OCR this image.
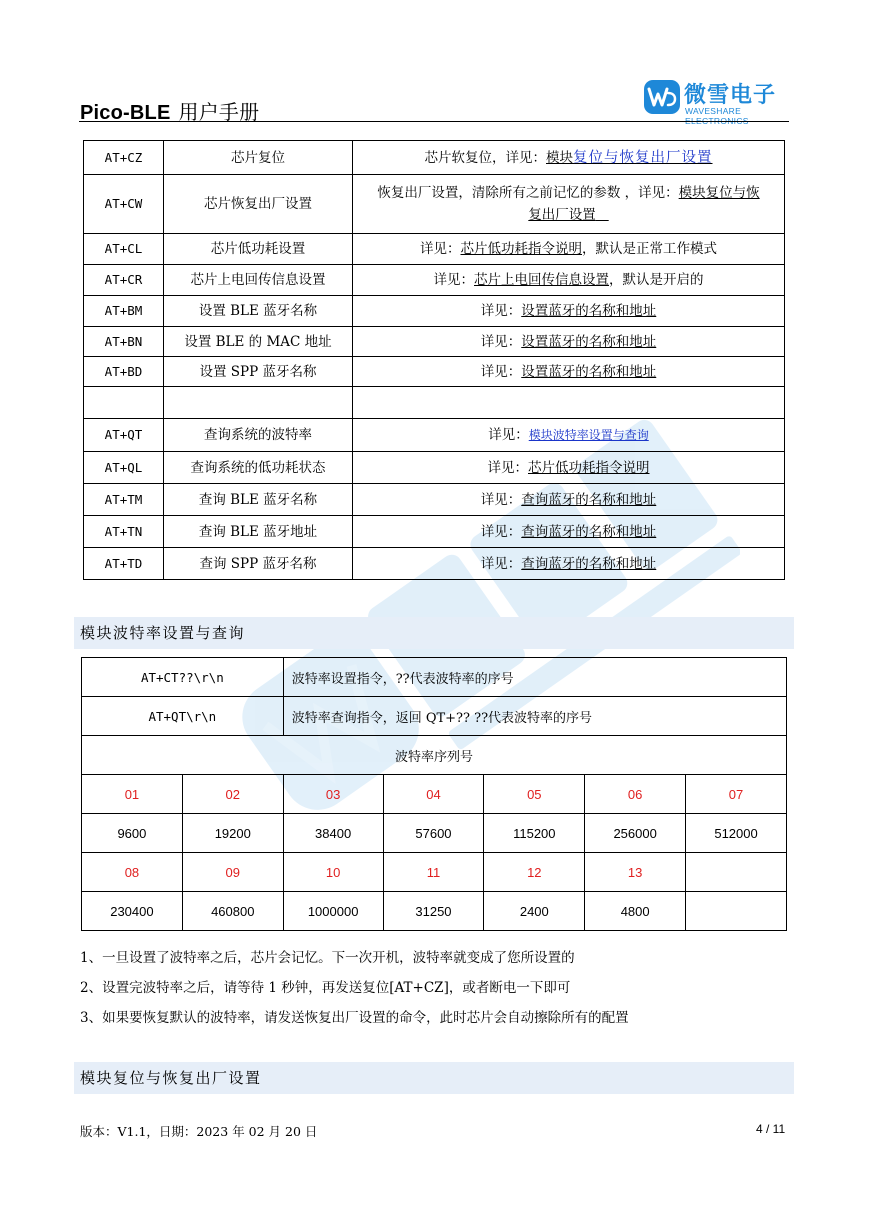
Pico-BLE 用户手册
微雪电子
WAVESHARE ELECTRONICS
AT+CZ	芯片复位	芯片软复位，详见：模块复位与恢复出厂设置
AT+CW	芯片恢复出厂设置	恢复出厂设置，清除所有之前记忆的参数 ，详见：模块复位与恢
复出厂设置
AT+CL	芯片低功耗设置	详见：芯片低功耗指令说明，默认是正常工作模式
AT+CR	芯片上电回传信息设置	详见：芯片上电回传信息设置，默认是开启的
AT+BM	设置 BLE 蓝牙名称	详见：设置蓝牙的名称和地址
AT+BN	设置 BLE 的 MAC 地址	详见：设置蓝牙的名称和地址
AT+BD	设置 SPP 蓝牙名称	详见：设置蓝牙的名称和地址

AT+QT	查询系统的波特率	详见：模块波特率设置与查询
AT+QL	查询系统的低功耗状态	详见：芯片低功耗指令说明
AT+TM	查询 BLE 蓝牙名称	详见：查询蓝牙的名称和地址
AT+TN	查询 BLE 蓝牙地址	详见：查询蓝牙的名称和地址
AT+TD	查询 SPP 蓝牙名称	详见：查询蓝牙的名称和地址
模块波特率设置与查询
AT+CT??\r\n		波特率设置指令，??代表波特率的序号				
AT+QT\r\n		波特率查询指令，返回 QT+?? ??代表波特率的序号				
波特率序列号						
01	02	03	04	05	06	07
9600	19200	38400	57600	115200	256000	512000
08	09	10	11	12	13	
230400	460800	1000000	31250	2400	4800	
1、一旦设置了波特率之后，芯片会记忆。下一次开机，波特率就变成了您所设置的
2、设置完波特率之后，请等待 1 秒钟，再发送复位[AT+CZ]，或者断电一下即可
3、如果要恢复默认的波特率，请发送恢复出厂设置的命令，此时芯片会自动擦除所有的配置
模块复位与恢复出厂设置
版本：V1.1，日期：2023 年 02 月 20 日	4 / 11
